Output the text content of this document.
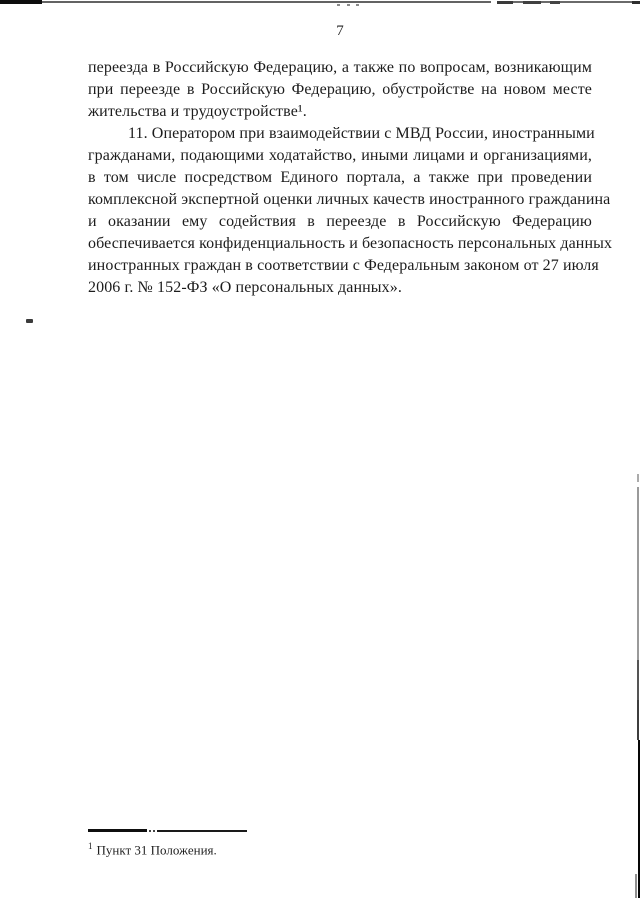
7
переезда в Российскую Федерацию, а также по вопросам, возникающим
при переезде в Российскую Федерацию, обустройстве на новом месте
жительства и трудоустройстве¹.
11. Оператором при взаимодействии с МВД России, иностранными
гражданами, подающими ходатайство, иными лицами и организациями,
в том числе посредством Единого портала, а также при проведении
комплексной экспертной оценки личных качеств иностранного гражданина
и оказании ему содействия в переезде в Российскую Федерацию
обеспечивается конфиденциальность и безопасность персональных данных
иностранных граждан в соответствии с Федеральным законом от 27 июля
2006 г. № 152-ФЗ «О персональных данных».
$^1$ Пункт 31 Положения.
